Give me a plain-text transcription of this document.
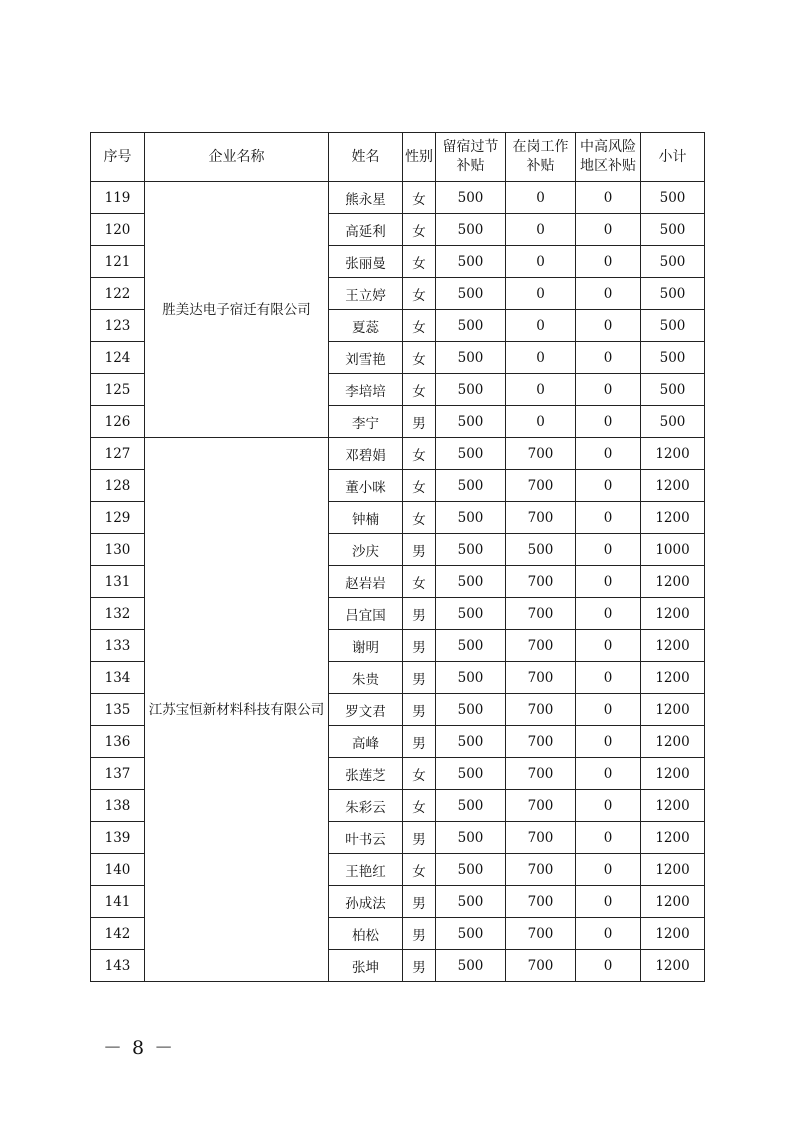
序号	企业名称	姓名	性别	留宿过节补贴	在岗工作补贴	中高风险地区补贴	小计
119	胜美达电子宿迁有限公司	熊永星	女	500	0	0	500
120		高延利	女	500	0	0	500
121		张丽曼	女	500	0	0	500
122		王立婷	女	500	0	0	500
123		夏蕊	女	500	0	0	500
124		刘雪艳	女	500	0	0	500
125		李培培	女	500	0	0	500
126		李宁	男	500	0	0	500
127	江苏宝恒新材料科技有限公司	邓碧娟	女	500	700	0	1200
128		董小咪	女	500	700	0	1200
129		钟楠	女	500	700	0	1200
130		沙庆	男	500	500	0	1000
131		赵岩岩	女	500	700	0	1200
132		吕宜国	男	500	700	0	1200
133		谢明	男	500	700	0	1200
134		朱贵	男	500	700	0	1200
135		罗文君	男	500	700	0	1200
136		高峰	男	500	700	0	1200
137		张莲芝	女	500	700	0	1200
138		朱彩云	女	500	700	0	1200
139		叶书云	男	500	700	0	1200
140		王艳红	女	500	700	0	1200
141		孙成法	男	500	700	0	1200
142		柏松	男	500	700	0	1200
143		张坤	男	500	700	0	1200
－ 8 －
